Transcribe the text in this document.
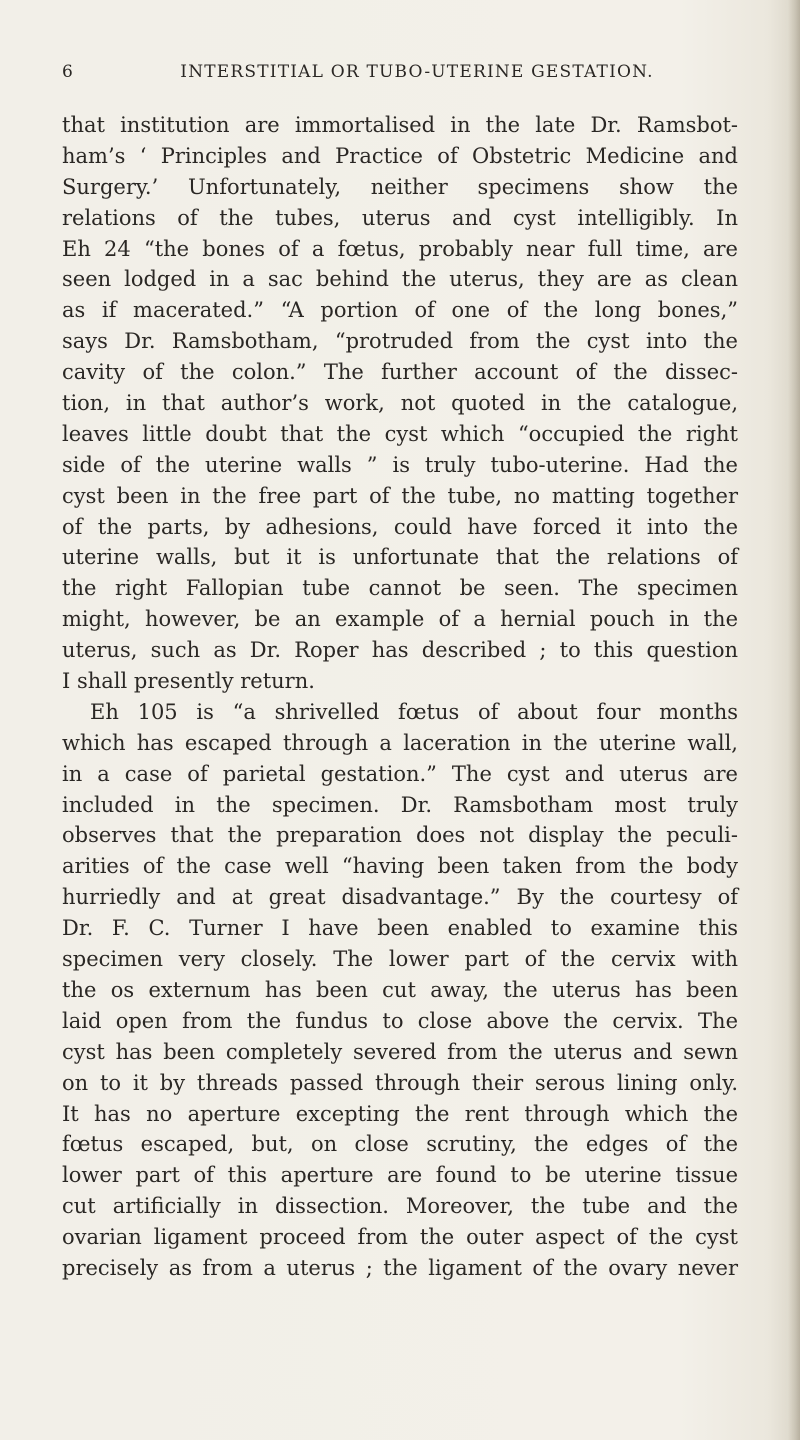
6	INTERSTITIAL OR TUBO-UTERINE GESTATION.
that institution are immortalised in the late Dr. Ramsbot-
ham’s ‘ Principles and Practice of Obstetric Medicine and
Surgery.’ Unfortunately, neither specimens show the
relations of the tubes, uterus and cyst intelligibly. In
Eh 24 “the bones of a fœtus, probably near full time, are
seen lodged in a sac behind the uterus, they are as clean
as if macerated.” “A portion of one of the long bones,”
says Dr. Ramsbotham, “protruded from the cyst into the
cavity of the colon.” The further account of the dissec-
tion, in that author’s work, not quoted in the catalogue,
leaves little doubt that the cyst which “occupied the right
side of the uterine walls ” is truly tubo-uterine. Had the
cyst been in the free part of the tube, no matting together
of the parts, by adhesions, could have forced it into the
uterine walls, but it is unfortunate that the relations of
the right Fallopian tube cannot be seen. The specimen
might, however, be an example of a hernial pouch in the
uterus, such as Dr. Roper has described ; to this question
I shall presently return.
Eh 105 is “a shrivelled fœtus of about four months
which has escaped through a laceration in the uterine wall,
in a case of parietal gestation.” The cyst and uterus are
included in the specimen. Dr. Ramsbotham most truly
observes that the preparation does not display the peculi-
arities of the case well “having been taken from the body
hurriedly and at great disadvantage.” By the courtesy of
Dr. F. C. Turner I have been enabled to examine this
specimen very closely. The lower part of the cervix with
the os externum has been cut away, the uterus has been
laid open from the fundus to close above the cervix. The
cyst has been completely severed from the uterus and sewn
on to it by threads passed through their serous lining only.
It has no aperture excepting the rent through which the
fœtus escaped, but, on close scrutiny, the edges of the
lower part of this aperture are found to be uterine tissue
cut artificially in dissection. Moreover, the tube and the
ovarian ligament proceed from the outer aspect of the cyst
precisely as from a uterus ; the ligament of the ovary never
